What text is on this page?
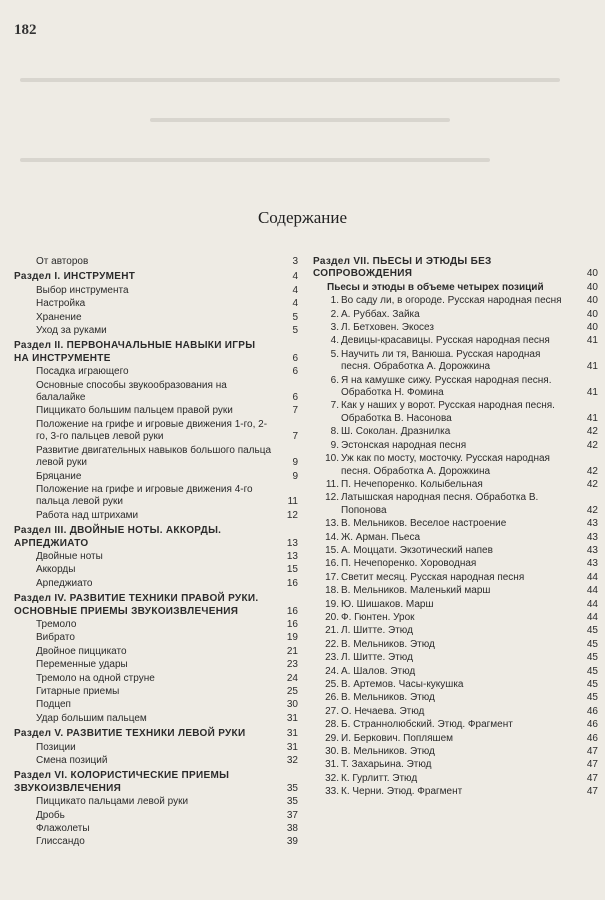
182
Содержание
От авторов	3
Раздел I. ИНСТРУМЕНТ	4
Выбор инструмента	4
Настройка	4
Хранение	5
Уход за руками	5
Раздел II. ПЕРВОНАЧАЛЬНЫЕ НАВЫКИ ИГРЫ НА ИНСТРУМЕНТЕ	6
Посадка играющего	6
Основные способы звукообразования на балалайке	6
Пиццикато большим пальцем правой руки	7
Положение на грифе и игровые движения 1-го, 2-го, 3-го пальцев левой руки	7
Развитие двигательных навыков большого пальца левой руки	9
Бряцание	9
Положение на грифе и игровые движения 4-го пальца левой руки	11
Работа над штрихами	12
Раздел III. ДВОЙНЫЕ НОТЫ. АККОРДЫ. АРПЕДЖИАТО	13
Двойные ноты	13
Аккорды	15
Арпеджиато	16
Раздел IV. РАЗВИТИЕ ТЕХНИКИ ПРАВОЙ РУКИ. ОСНОВНЫЕ ПРИЕМЫ ЗВУКОИЗВЛЕЧЕНИЯ	16
Тремоло	16
Вибрато	19
Двойное пиццикато	21
Переменные удары	23
Тремоло на одной струне	24
Гитарные приемы	25
Подцеп	30
Удар большим пальцем	31
Раздел V. РАЗВИТИЕ ТЕХНИКИ ЛЕВОЙ РУКИ	31
Позиции	31
Смена позиций	32
Раздел VI. КОЛОРИСТИЧЕСКИЕ ПРИЕМЫ ЗВУКОИЗВЛЕЧЕНИЯ	35
Пиццикато пальцами левой руки	35
Дробь	37
Флажолеты	38
Глиссандо	39
Раздел VII. ПЬЕСЫ И ЭТЮДЫ БЕЗ СОПРОВОЖДЕНИЯ	40
Пьесы и этюды в объеме четырех позиций	40
1. Во саду ли, в огороде. Русская народная песня	40
2. А. Руббах. Зайка	40
3. Л. Бетховен. Экосез	40
4. Девицы-красавицы. Русская народная песня	41
5. Научить ли тя, Ванюша. Русская народная песня. Обработка А. Дорожкина	41
6. Я на камушке сижу. Русская народная песня. Обработка Н. Фомина	41
7. Как у наших у ворот. Русская народная песня. Обработка В. Насонова	41
8. Ш. Соколан. Дразнилка	42
9. Эстонская народная песня	42
10. Уж как по мосту, мосточку. Русская народная песня. Обработка А. Дорожкина	42
11. П. Нечепоренко. Колыбельная	42
12. Латышская народная песня. Обработка В. Попонова	42
13. В. Мельников. Веселое настроение	43
14. Ж. Арман. Пьеса	43
15. А. Моццати. Экзотический напев	43
16. П. Нечепоренко. Хороводная	43
17. Светит месяц. Русская народная песня	44
18. В. Мельников. Маленький марш	44
19. Ю. Шишаков. Марш	44
20. Ф. Гюнтен. Урок	44
21. Л. Шитте. Этюд	45
22. В. Мельников. Этюд	45
23. Л. Шитте. Этюд	45
24. А. Шалов. Этюд	45
25. В. Артемов. Часы-кукушка	45
26. В. Мельников. Этюд	45
27. О. Нечаева. Этюд	46
28. Б. Страннолюбский. Этюд. Фрагмент	46
29. И. Беркович. Попляшем	46
30. В. Мельников. Этюд	47
31. Т. Захарьина. Этюд	47
32. К. Гурлитт. Этюд	47
33. К. Черни. Этюд. Фрагмент	47
